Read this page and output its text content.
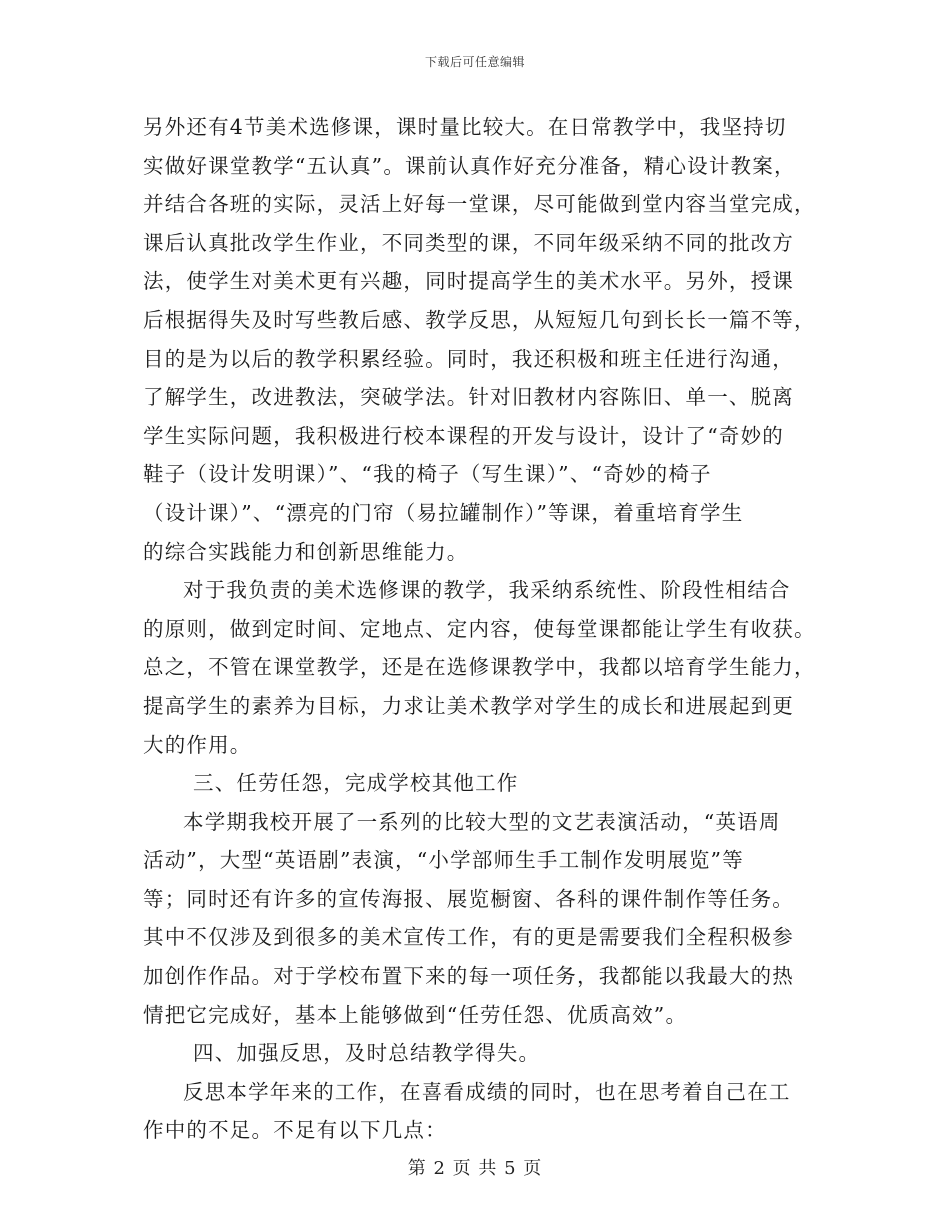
下载后可任意编辑
另外还有4节美术选修课，课时量比较大。在日常教学中，我坚持切
实做好课堂教学“五认真”。课前认真作好充分准备，精心设计教案，
并结合各班的实际，灵活上好每一堂课，尽可能做到堂内容当堂完成，
课后认真批改学生作业，不同类型的课，不同年级采纳不同的批改方
法，使学生对美术更有兴趣，同时提高学生的美术水平。另外，授课
后根据得失及时写些教后感、教学反思，从短短几句到长长一篇不等，
目的是为以后的教学积累经验。同时，我还积极和班主任进行沟通，
了解学生，改进教法，突破学法。针对旧教材内容陈旧、单一、脱离
学生实际问题，我积极进行校本课程的开发与设计，设计了“奇妙的
鞋子（设计发明课）”、“我的椅子（写生课）”、“奇妙的椅子
（设计课）”、“漂亮的门帘（易拉罐制作）”等课，着重培育学生
的综合实践能力和创新思维能力。
对于我负责的美术选修课的教学，我采纳系统性、阶段性相结合
的原则，做到定时间、定地点、定内容，使每堂课都能让学生有收获。
总之，不管在课堂教学，还是在选修课教学中，我都以培育学生能力，
提高学生的素养为目标，力求让美术教学对学生的成长和进展起到更
大的作用。
三、任劳任怨，完成学校其他工作
本学期我校开展了一系列的比较大型的文艺表演活动，“英语周
活动”，大型“英语剧”表演，“小学部师生手工制作发明展览”等
等；同时还有许多的宣传海报、展览橱窗、各科的课件制作等任务。
其中不仅涉及到很多的美术宣传工作，有的更是需要我们全程积极参
加创作作品。对于学校布置下来的每一项任务，我都能以我最大的热
情把它完成好，基本上能够做到“任劳任怨、优质高效”。
四、加强反思，及时总结教学得失。
反思本学年来的工作，在喜看成绩的同时，也在思考着自己在工
作中的不足。不足有以下几点：
第 2 页 共 5 页
